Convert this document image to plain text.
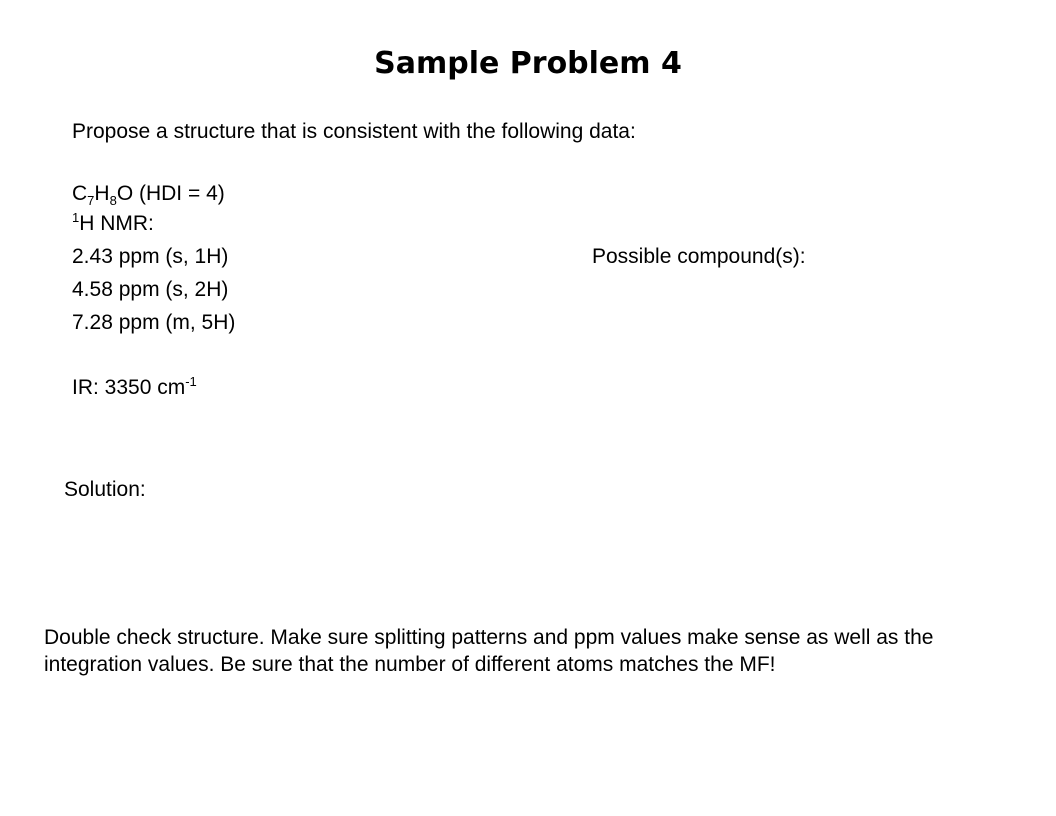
Sample Problem 4
Propose a structure that is consistent with the following data:
$C_7H_8O$ (HDI = 4)
$^1$H NMR:
2.43 ppm (s, 1H)
4.58 ppm (s, 2H)
7.28 ppm (m, 5H)
Possible compound(s):
IR: 3350 $cm^{-1}$
Solution:
Double check structure. Make sure splitting patterns and ppm values make sense as well as the integration values. Be sure that the number of different atoms matches the MF!
